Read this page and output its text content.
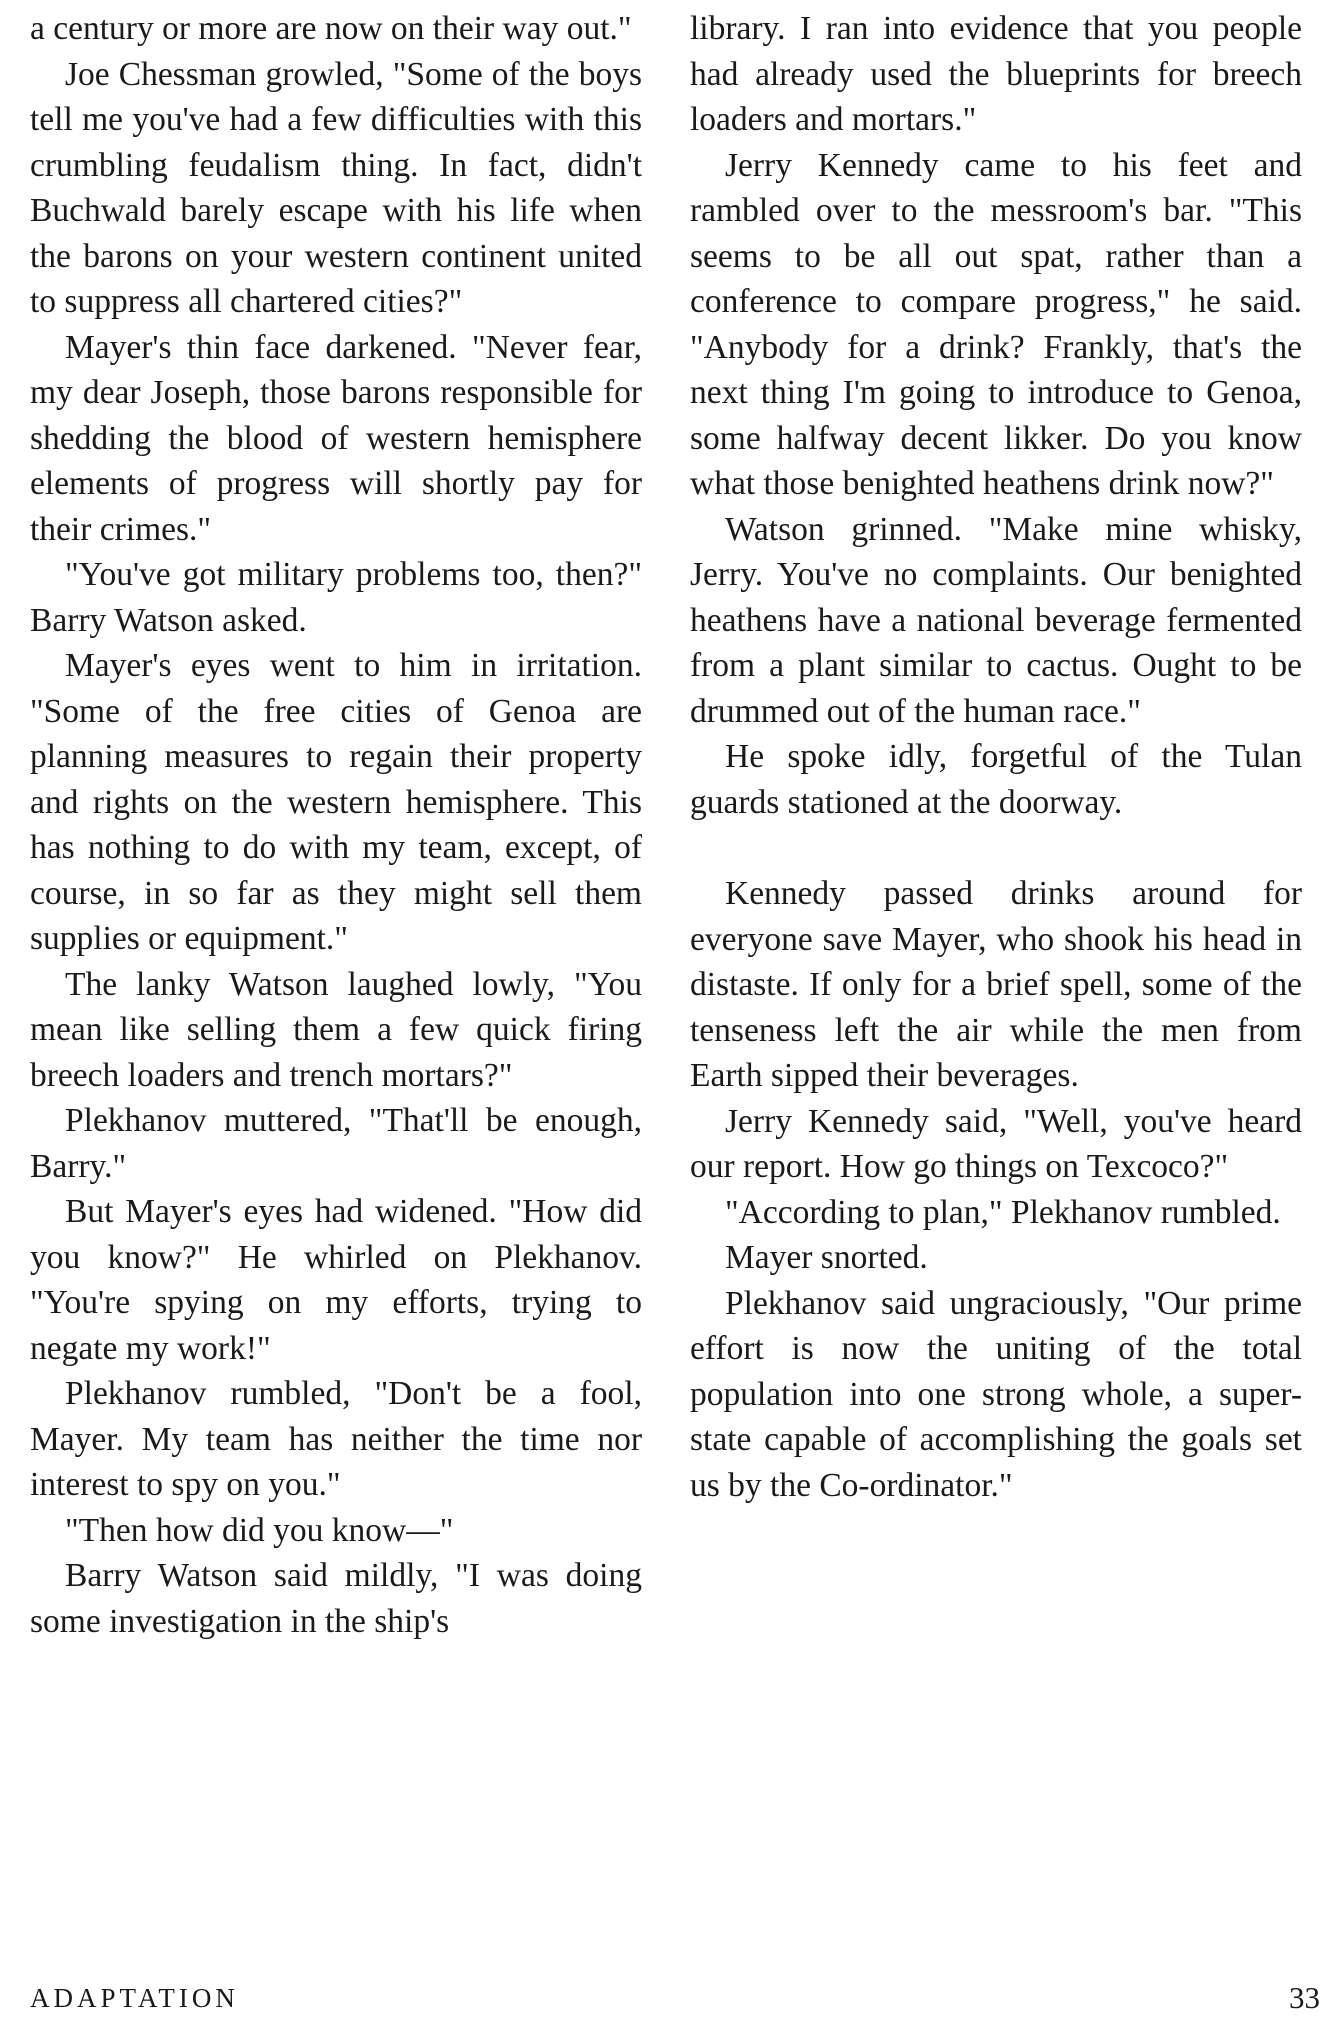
a century or more are now on their way out."

Joe Chessman growled, "Some of the boys tell me you've had a few difficulties with this crumbling feudalism thing. In fact, didn't Buchwald barely escape with his life when the barons on your western continent united to suppress all chartered cities?"

Mayer's thin face darkened. "Never fear, my dear Joseph, those barons responsible for shedding the blood of western hemisphere elements of progress will shortly pay for their crimes."

"You've got military problems too, then?" Barry Watson asked.

Mayer's eyes went to him in irritation. "Some of the free cities of Genoa are planning measures to regain their property and rights on the western hemisphere. This has nothing to do with my team, except, of course, in so far as they might sell them supplies or equipment."

The lanky Watson laughed lowly, "You mean like selling them a few quick firing breech loaders and trench mortars?"

Plekhanov muttered, "That'll be enough, Barry."

But Mayer's eyes had widened. "How did you know?" He whirled on Plekhanov. "You're spying on my efforts, trying to negate my work!"

Plekhanov rumbled, "Don't be a fool, Mayer. My team has neither the time nor interest to spy on you."

"Then how did you know—"

Barry Watson said mildly, "I was doing some investigation in the ship's

library. I ran into evidence that you people had already used the blueprints for breech loaders and mortars."

Jerry Kennedy came to his feet and rambled over to the messroom's bar. "This seems to be all out spat, rather than a conference to compare progress," he said. "Anybody for a drink? Frankly, that's the next thing I'm going to introduce to Genoa, some halfway decent likker. Do you know what those benighted heathens drink now?"

Watson grinned. "Make mine whisky, Jerry. You've no complaints. Our benighted heathens have a national beverage fermented from a plant similar to cactus. Ought to be drummed out of the human race."

He spoke idly, forgetful of the Tulan guards stationed at the doorway.

Kennedy passed drinks around for everyone save Mayer, who shook his head in distaste. If only for a brief spell, some of the tenseness left the air while the men from Earth sipped their beverages.

Jerry Kennedy said, "Well, you've heard our report. How go things on Texcoco?"

"According to plan," Plekhanov rumbled.

Mayer snorted.

Plekhanov said ungraciously, "Our prime effort is now the uniting of the total population into one strong whole, a super-state capable of accomplishing the goals set us by the Co-ordinator."

ADAPTATION	33
